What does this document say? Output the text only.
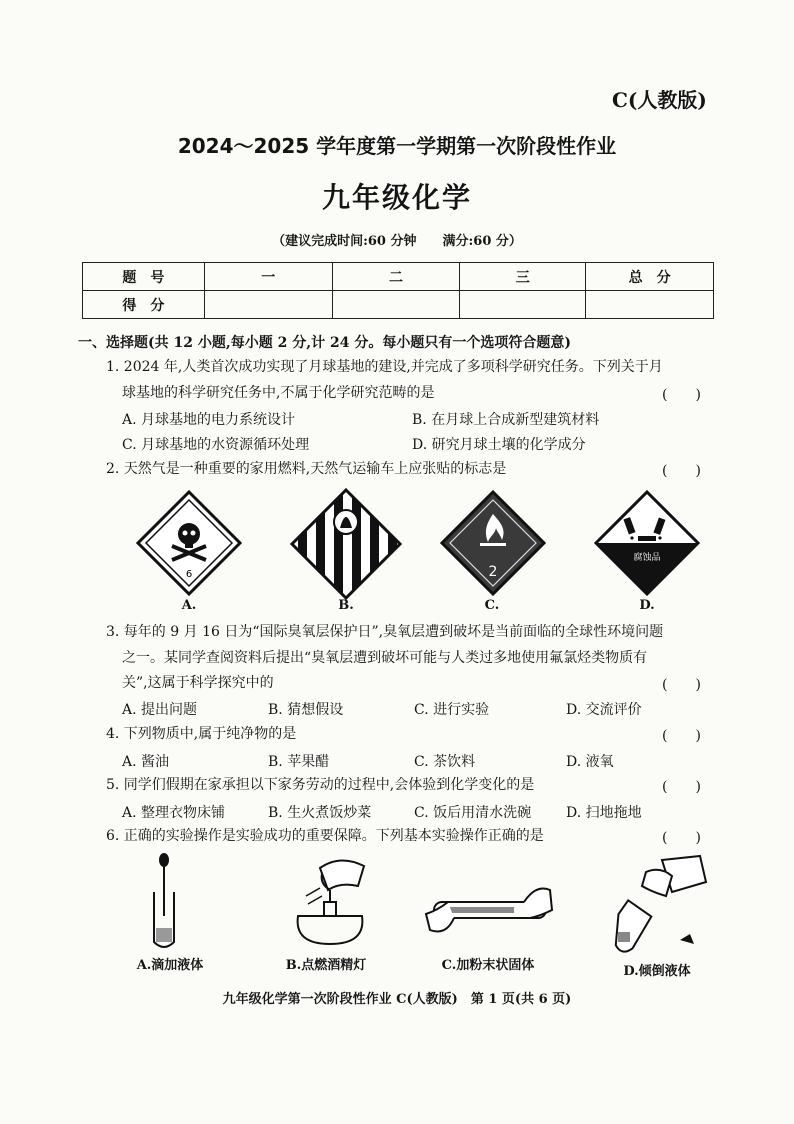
C(人教版)
2024～2025 学年度第一学期第一次阶段性作业
九年级化学
（建议完成时间:60 分钟　　满分:60 分）
题　号	一	二	三	总　分
得　分				
一、选择题(共 12 小题,每小题 2 分,计 24 分。每小题只有一个选项符合题意)
1. 2024 年,人类首次成功实现了月球基地的建设,并完成了多项科学研究任务。下列关于月
球基地的科学研究任务中,不属于化学研究范畴的是	(　　)
A. 月球基地的电力系统设计	B. 在月球上合成新型建筑材料
C. 月球基地的水资源循环处理	D. 研究月球土壤的化学成分
2. 天然气是一种重要的家用燃料,天然气运输车上应张贴的标志是	(　　)
6
A.	B.
2
C.
腐蚀品
D.
3. 每年的 9 月 16 日为“国际臭氧层保护日”,臭氧层遭到破坏是当前面临的全球性环境问题
之一。某同学查阅资料后提出“臭氧层遭到破坏可能与人类过多地使用氟氯烃类物质有
关”,这属于科学探究中的	(　　)
A. 提出问题	B. 猜想假设	C. 进行实验	D. 交流评价
4. 下列物质中,属于纯净物的是	(　　)
A. 酱油	B. 苹果醋	C. 茶饮料	D. 液氧
5. 同学们假期在家承担以下家务劳动的过程中,会体验到化学变化的是	(　　)
A. 整理衣物床铺	B. 生火煮饭炒菜	C. 饭后用清水洗碗 D. 扫地拖地
6. 正确的实验操作是实验成功的重要保障。下列基本实验操作正确的是	(　　)
A.滴加液体	B.点燃酒精灯	C.加粉末状固体	D.倾倒液体
九年级化学第一次阶段性作业 C(人教版)　第 1 页(共 6 页)
